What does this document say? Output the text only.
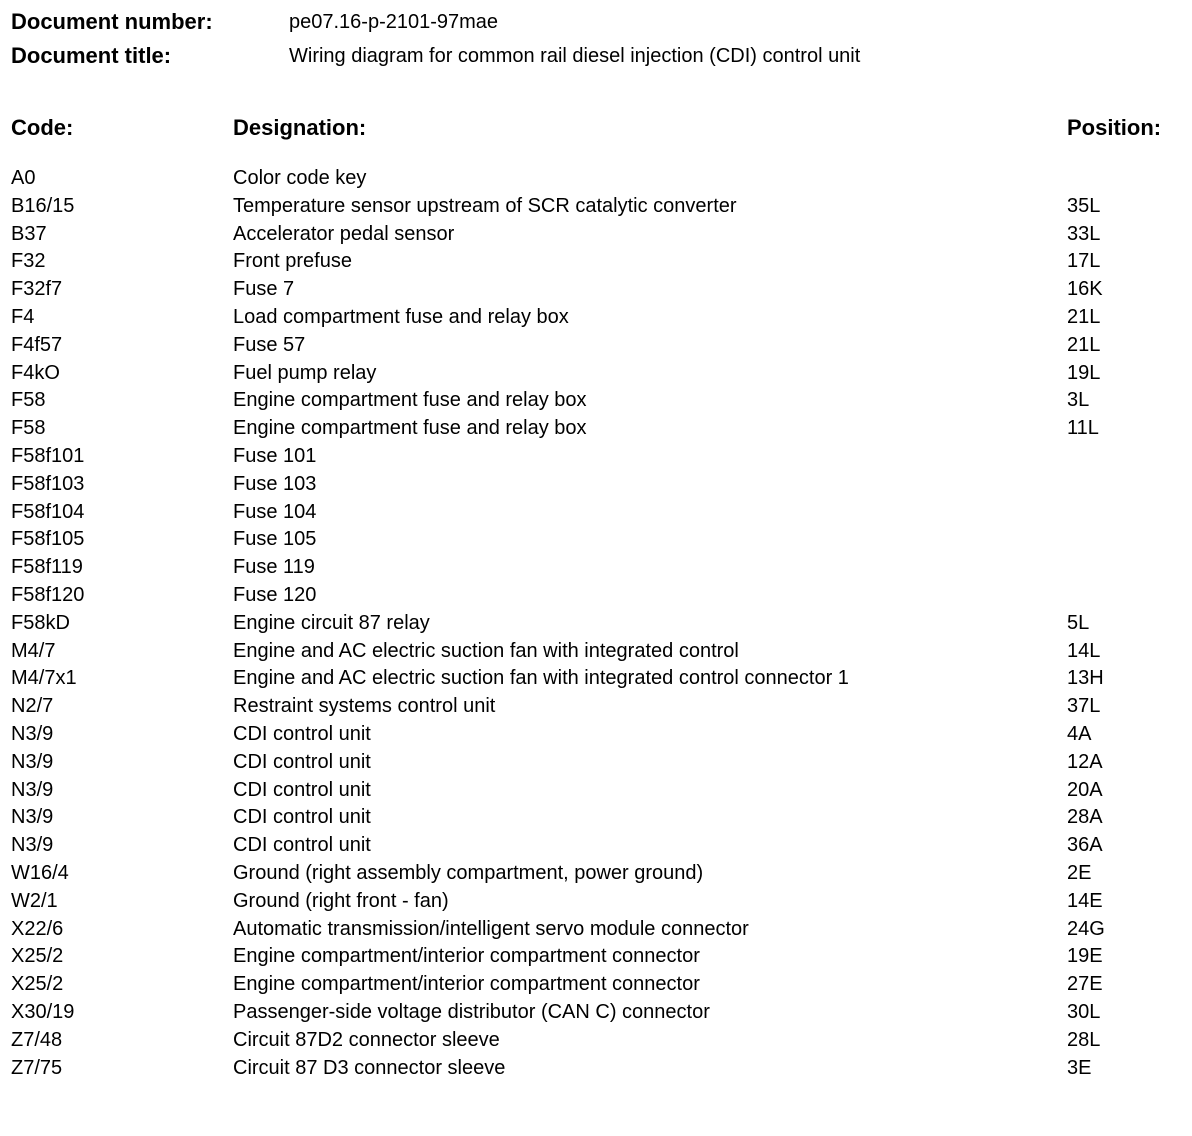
Document number:	pe07.16-p-2101-97mae
Document title:	Wiring diagram for common rail diesel injection (CDI) control unit
Code:	Designation:	Position:
A0	Color code key
B16/15	Temperature sensor upstream of SCR catalytic converter	35L
B37	Accelerator pedal sensor	33L
F32	Front prefuse	17L
F32f7	Fuse 7	16K
F4	Load compartment fuse and relay box	21L
F4f57	Fuse 57	21L
F4kO	Fuel pump relay	19L
F58	Engine compartment fuse and relay box	3L
F58	Engine compartment fuse and relay box	11L
F58f101	Fuse 101
F58f103	Fuse 103
F58f104	Fuse 104
F58f105	Fuse 105
F58f119	Fuse 119
F58f120	Fuse 120
F58kD	Engine circuit 87 relay	5L
M4/7	Engine and AC electric suction fan with integrated control	14L
M4/7x1	Engine and AC electric suction fan with integrated control connector 1	13H
N2/7	Restraint systems control unit	37L
N3/9	CDI control unit	4A
N3/9	CDI control unit	12A
N3/9	CDI control unit	20A
N3/9	CDI control unit	28A
N3/9	CDI control unit	36A
W16/4	Ground (right assembly compartment, power ground)	2E
W2/1	Ground (right front - fan)	14E
X22/6	Automatic transmission/intelligent servo module connector	24G
X25/2	Engine compartment/interior compartment connector	19E
X25/2	Engine compartment/interior compartment connector	27E
X30/19	Passenger-side voltage distributor (CAN C) connector	30L
Z7/48	Circuit 87D2 connector sleeve	28L
Z7/75	Circuit 87 D3 connector sleeve	3E
